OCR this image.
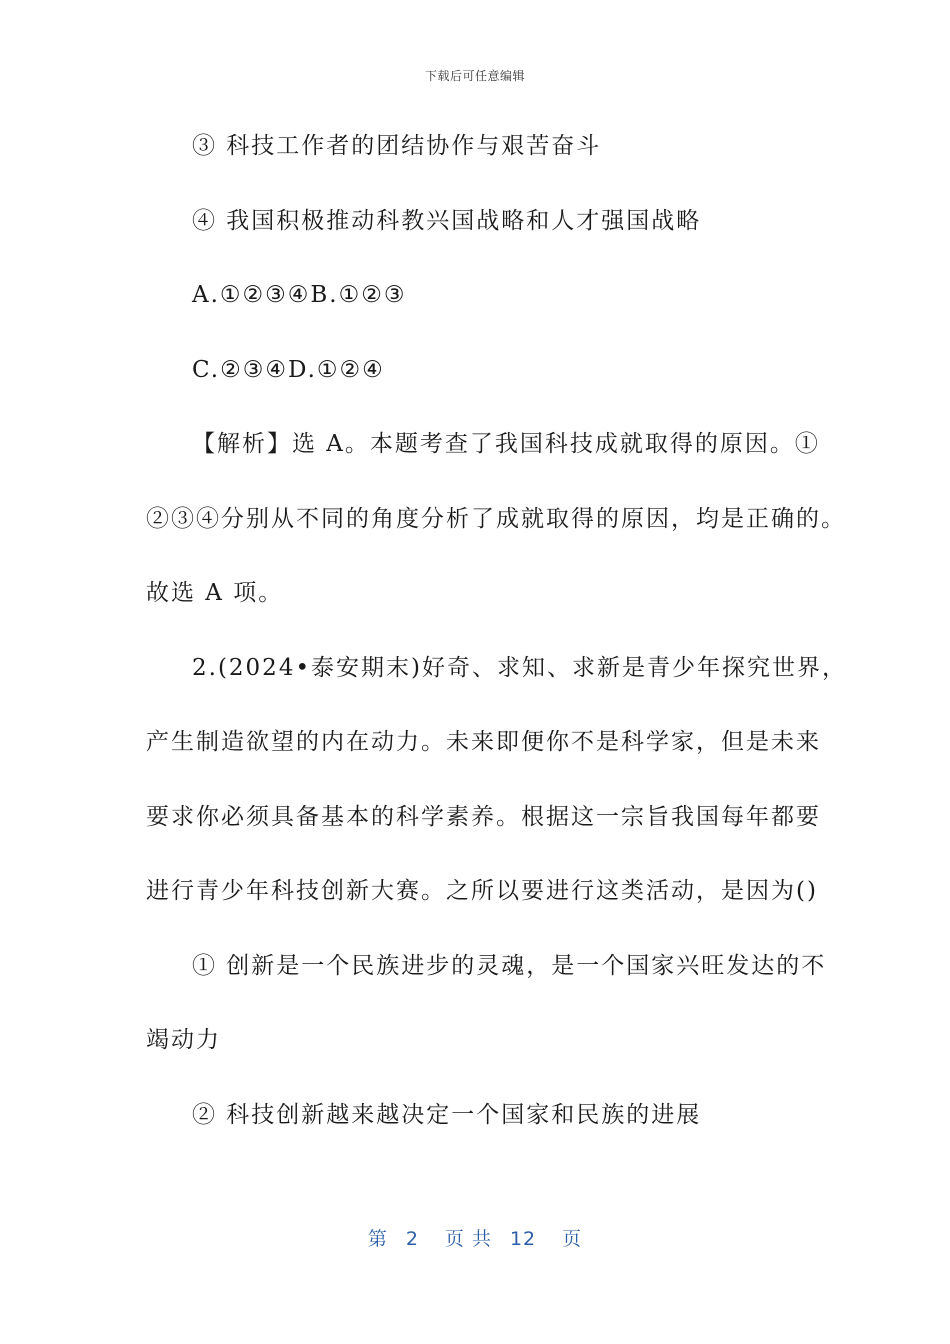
下载后可任意编辑
③ 科技工作者的团结协作与艰苦奋斗
④ 我国积极推动科教兴国战略和人才强国战略
A.①②③④B.①②③
C.②③④D.①②④
【解析】选 A。本题考查了我国科技成就取得的原因。①
②③④分别从不同的角度分析了成就取得的原因，均是正确的。
故选 A 项。
2.(2024•泰安期末)好奇、求知、求新是青少年探究世界，
产生制造欲望的内在动力。未来即便你不是科学家，但是未来
要求你必须具备基本的科学素养。根据这一宗旨我国每年都要
进行青少年科技创新大赛。之所以要进行这类活动，是因为()
① 创新是一个民族进步的灵魂，是一个国家兴旺发达的不
竭动力
② 科技创新越来越决定一个国家和民族的进展
第 2 页 共 12 页
